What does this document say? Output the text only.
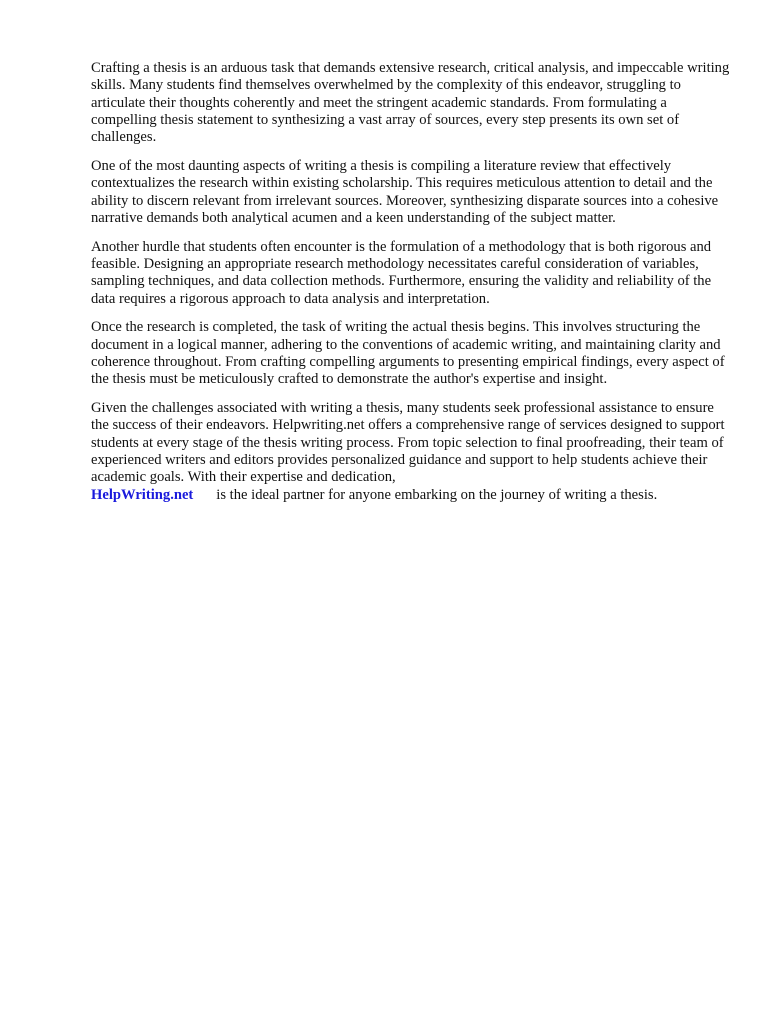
Crafting a thesis is an arduous task that demands extensive research, critical analysis, and impeccable writing skills. Many students find themselves overwhelmed by the complexity of this endeavor, struggling to articulate their thoughts coherently and meet the stringent academic standards. From formulating a compelling thesis statement to synthesizing a vast array of sources, every step presents its own set of challenges.

One of the most daunting aspects of writing a thesis is compiling a literature review that effectively contextualizes the research within existing scholarship. This requires meticulous attention to detail and the ability to discern relevant from irrelevant sources. Moreover, synthesizing disparate sources into a cohesive narrative demands both analytical acumen and a keen understanding of the subject matter.

Another hurdle that students often encounter is the formulation of a methodology that is both rigorous and feasible. Designing an appropriate research methodology necessitates careful consideration of variables, sampling techniques, and data collection methods. Furthermore, ensuring the validity and reliability of the data requires a rigorous approach to data analysis and interpretation.

Once the research is completed, the task of writing the actual thesis begins. This involves structuring the document in a logical manner, adhering to the conventions of academic writing, and maintaining clarity and coherence throughout. From crafting compelling arguments to presenting empirical findings, every aspect of the thesis must be meticulously crafted to demonstrate the author's expertise and insight.

Given the challenges associated with writing a thesis, many students seek professional assistance to ensure the success of their endeavors. Helpwriting.net offers a comprehensive range of services designed to support students at every stage of the thesis writing process. From topic selection to final proofreading, their team of experienced writers and editors provides personalized guidance and support to help students achieve their academic goals. With their expertise and dedication,
HelpWriting.net is the ideal partner for anyone embarking on the journey of writing a thesis.
